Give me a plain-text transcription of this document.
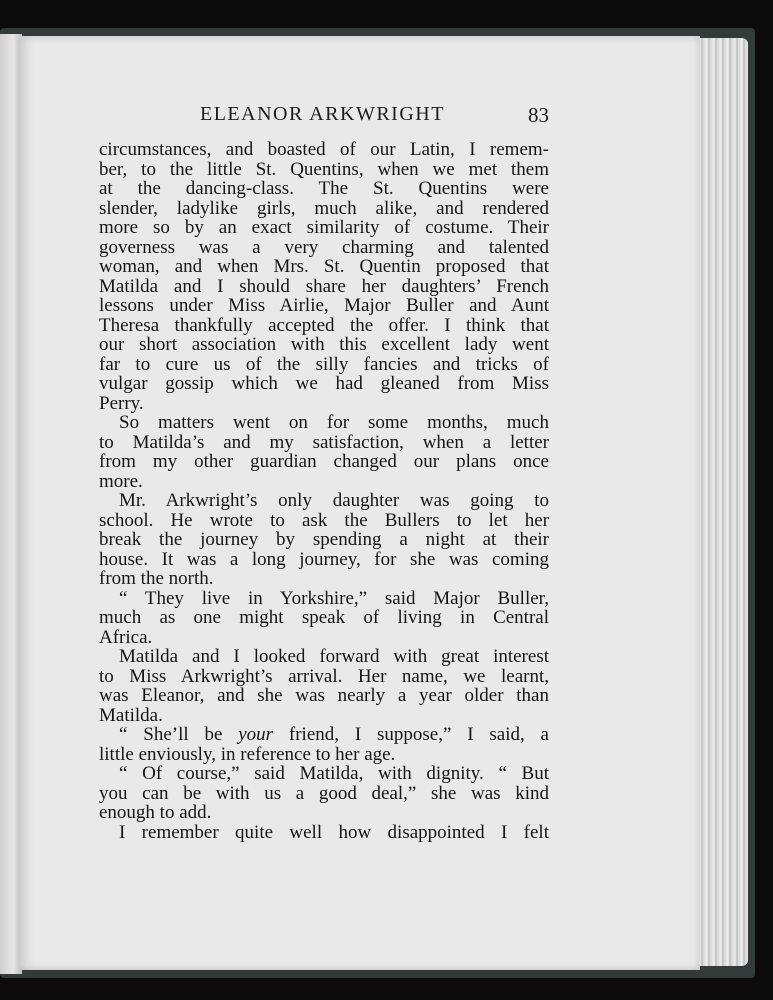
ELEANOR ARKWRIGHT	83
circumstances, and boasted of our Latin, I remem-
ber, to the little St. Quentins, when we met them
at the dancing-class. The St. Quentins were
slender, ladylike girls, much alike, and rendered
more so by an exact similarity of costume. Their
governess was a very charming and talented
woman, and when Mrs. St. Quentin proposed that
Matilda and I should share her daughters’ French
lessons under Miss Airlie, Major Buller and Aunt
Theresa thankfully accepted the offer. I think that
our short association with this excellent lady went
far to cure us of the silly fancies and tricks of
vulgar gossip which we had gleaned from Miss
Perry.
So matters went on for some months, much
to Matilda’s and my satisfaction, when a letter
from my other guardian changed our plans once
more.
Mr. Arkwright’s only daughter was going to
school. He wrote to ask the Bullers to let her
break the journey by spending a night at their
house. It was a long journey, for she was coming
from the north.
“ They live in Yorkshire,” said Major Buller,
much as one might speak of living in Central
Africa.
Matilda and I looked forward with great interest
to Miss Arkwright’s arrival. Her name, we learnt,
was Eleanor, and she was nearly a year older than
Matilda.
“ She’ll be your friend, I suppose,” I said, a
little enviously, in reference to her age.
“ Of course,” said Matilda, with dignity. “ But
you can be with us a good deal,” she was kind
enough to add.
I remember quite well how disappointed I felt
